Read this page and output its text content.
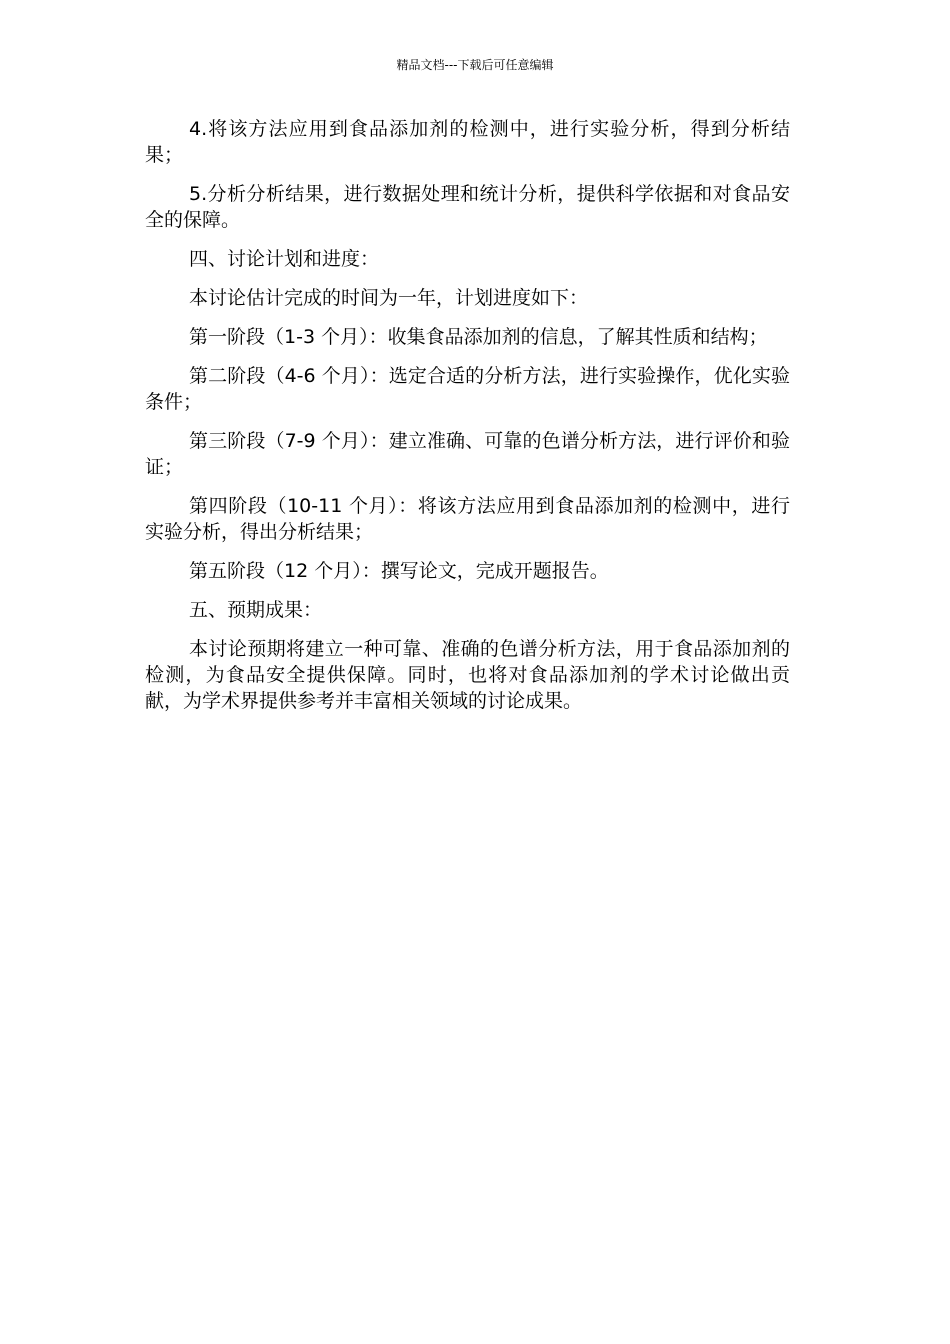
精品文档---下载后可任意编辑

4.将该方法应用到食品添加剂的检测中，进行实验分析，得到分析结果；

5.分析分析结果，进行数据处理和统计分析，提供科学依据和对食品安全的保障。

四、讨论计划和进度：

本讨论估计完成的时间为一年，计划进度如下：

第一阶段（1-3 个月）：收集食品添加剂的信息，了解其性质和结构；

第二阶段（4-6 个月）：选定合适的分析方法，进行实验操作，优化实验条件；

第三阶段（7-9 个月）：建立准确、可靠的色谱分析方法，进行评价和验证；

第四阶段（10-11 个月）：将该方法应用到食品添加剂的检测中，进行实验分析，得出分析结果；

第五阶段（12 个月）：撰写论文，完成开题报告。

五、预期成果：

本讨论预期将建立一种可靠、准确的色谱分析方法，用于食品添加剂的检测，为食品安全提供保障。同时，也将对食品添加剂的学术讨论做出贡献，为学术界提供参考并丰富相关领域的讨论成果。
